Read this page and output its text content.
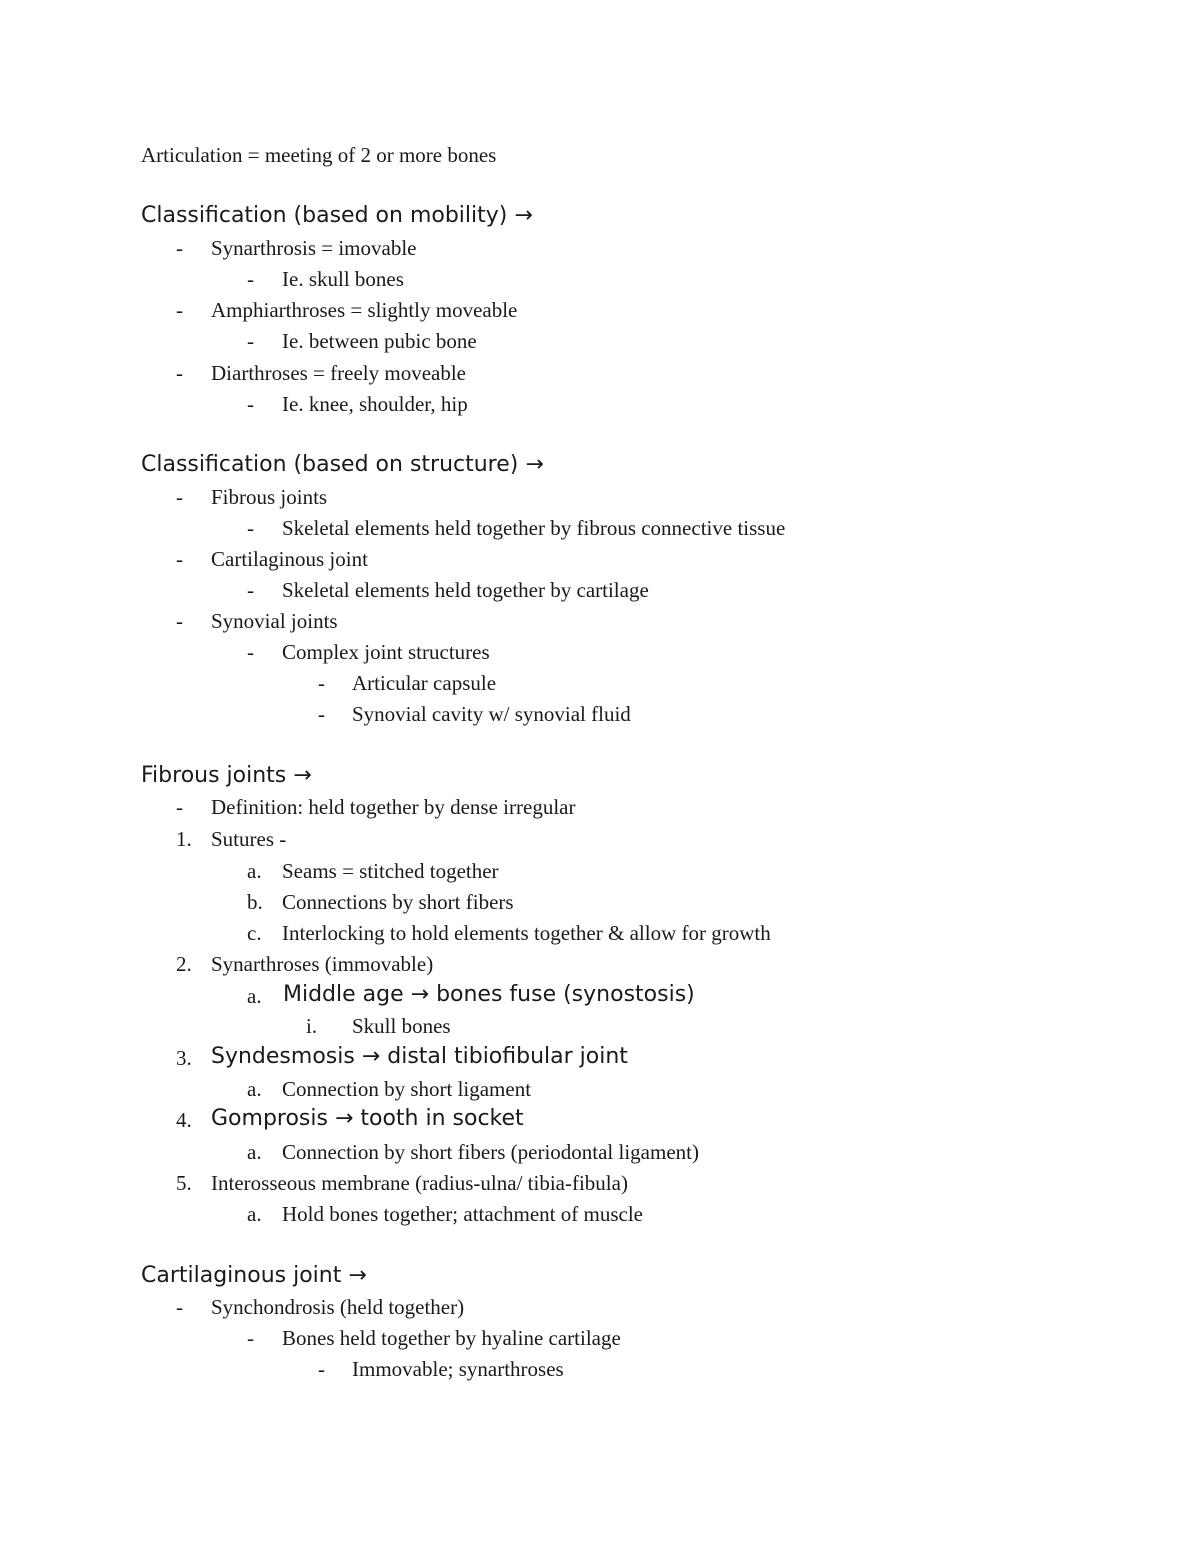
Articulation = meeting of 2 or more bones
Classification (based on mobility) →
- Synarthrosis = imovable
- Ie. skull bones
- Amphiarthroses = slightly moveable
- Ie. between pubic bone
- Diarthroses = freely moveable
- Ie. knee, shoulder, hip
Classification (based on structure) →
- Fibrous joints
- Skeletal elements held together by fibrous connective tissue
- Cartilaginous joint
- Skeletal elements held together by cartilage
- Synovial joints
- Complex joint structures
- Articular capsule
- Synovial cavity w/ synovial fluid
Fibrous joints →
- Definition: held together by dense irregular
1. Sutures -
a. Seams = stitched together
b. Connections by short fibers
c. Interlocking to hold elements together & allow for growth
2. Synarthroses (immovable)
a. Middle age → bones fuse (synostosis)
i. Skull bones
3. Syndesmosis → distal tibiofibular joint
a. Connection by short ligament
4. Gomprosis → tooth in socket
a. Connection by short fibers (periodontal ligament)
5. Interosseous membrane (radius-ulna/ tibia-fibula)
a. Hold bones together; attachment of muscle
Cartilaginous joint →
- Synchondrosis (held together)
- Bones held together by hyaline cartilage
- Immovable; synarthroses
